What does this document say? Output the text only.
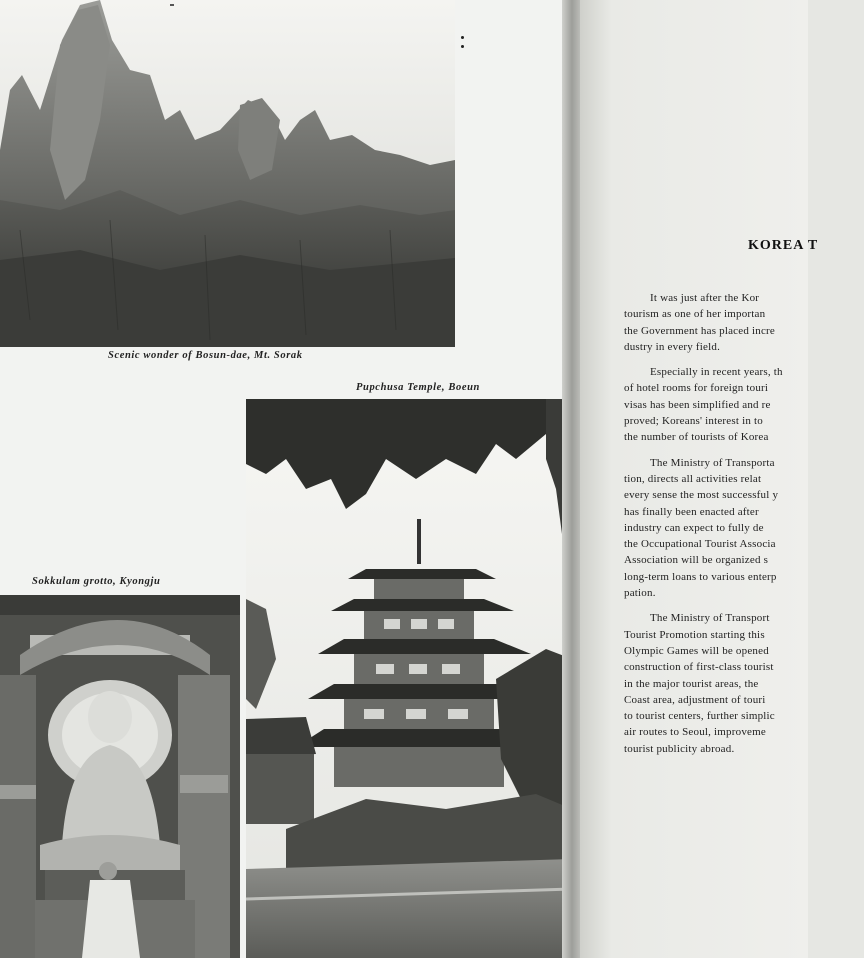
Scenic wonder of Bosun-dae, Mt. Sorak
Pupchusa Temple, Boeun
Sokkulam grotto, Kyongju
KOREA T
It was just after the Kor
tourism as one of her importan
the Government has placed incre
dustry in every field.
Especially in recent years, th
of hotel rooms for foreign touri
visas has been simplified and re
proved; Koreans' interest in to
the number of tourists of Korea
The Ministry of Transporta
tion, directs all activities relat
every sense the most successful y
has finally been enacted after
industry can expect to fully de
the Occupational Tourist Associa
Association will be organized s
long-term loans to various enterp
pation.
The Ministry of Transport
Tourist Promotion starting this
Olympic Games will be opened
construction of first-class tourist
in the major tourist areas, the
Coast area, adjustment of touri
to tourist centers, further simplic
air routes to Seoul, improveme
tourist publicity abroad.
